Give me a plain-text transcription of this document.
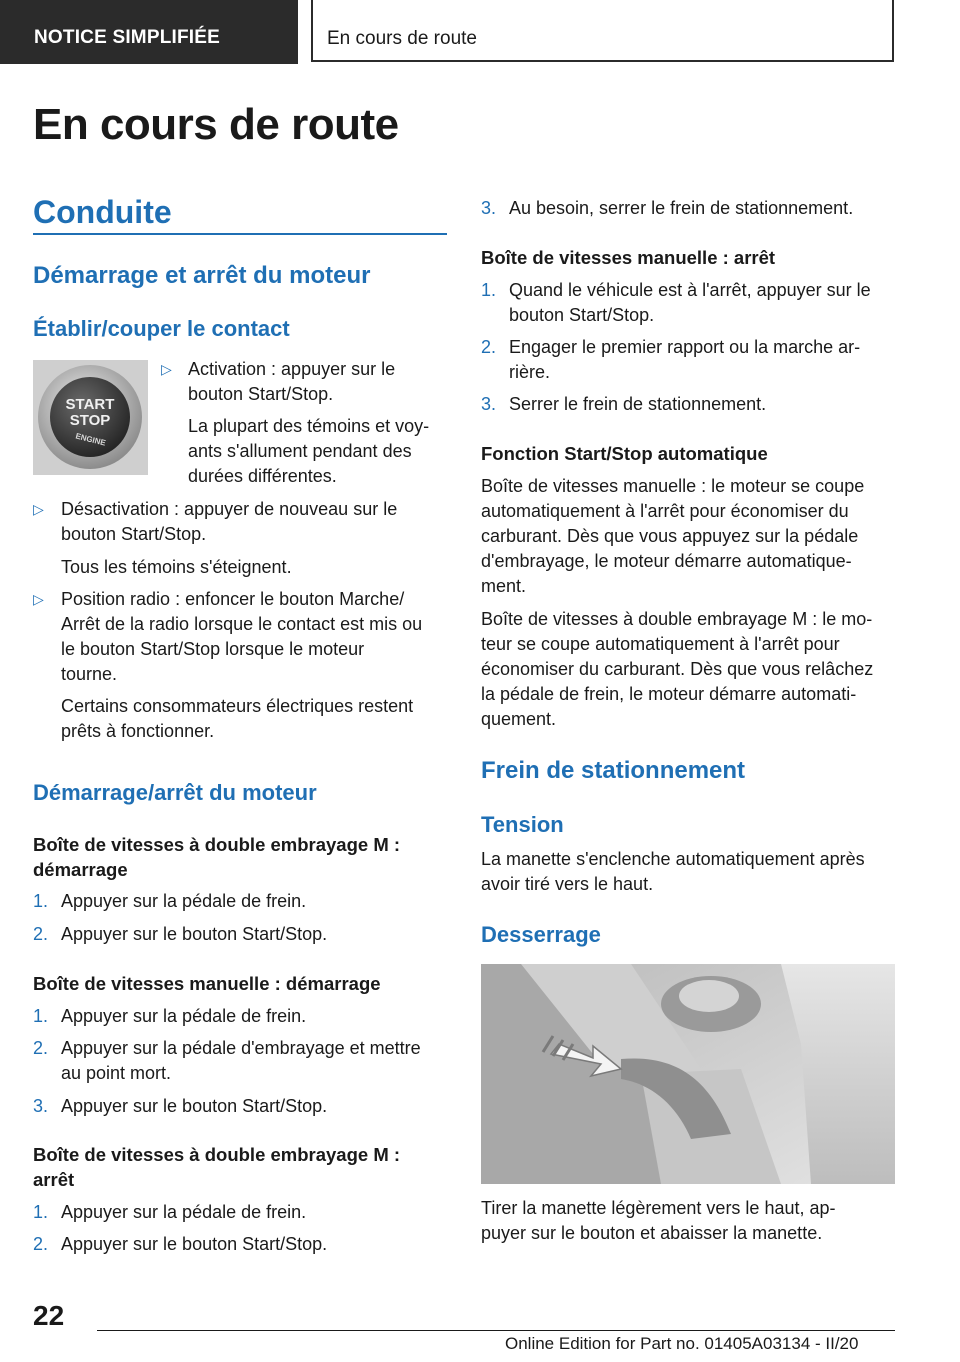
NOTICE SIMPLIFIÉE	En cours de route
En cours de route
Conduite
Démarrage et arrêt du moteur
Établir/couper le contact
START
STOP
ENGINE
▷ Activation : appuyer sur le
bouton Start/Stop.
La plupart des témoins et voy-
ants s'allument pendant des
durées différentes.
▷ Désactivation : appuyer de nouveau sur le
bouton Start/Stop.
Tous les témoins s'éteignent.
▷ Position radio : enfoncer le bouton Marche/
Arrêt de la radio lorsque le contact est mis ou
le bouton Start/Stop lorsque le moteur
tourne.
Certains consommateurs électriques restent
prêts à fonctionner.
Démarrage/arrêt du moteur
Boîte de vitesses à double embrayage M :
démarrage
1. Appuyer sur la pédale de frein.
2. Appuyer sur le bouton Start/Stop.
Boîte de vitesses manuelle : démarrage
1. Appuyer sur la pédale de frein.
2. Appuyer sur la pédale d'embrayage et mettre
au point mort.
3. Appuyer sur le bouton Start/Stop.
Boîte de vitesses à double embrayage M :
arrêt
1. Appuyer sur la pédale de frein.
2. Appuyer sur le bouton Start/Stop.
3. Au besoin, serrer le frein de stationnement.
Boîte de vitesses manuelle : arrêt
1. Quand le véhicule est à l'arrêt, appuyer sur le
bouton Start/Stop.
2. Engager le premier rapport ou la marche ar-
rière.
3. Serrer le frein de stationnement.
Fonction Start/Stop automatique
Boîte de vitesses manuelle : le moteur se coupe
automatiquement à l'arrêt pour économiser du
carburant. Dès que vous appuyez sur la pédale
d'embrayage, le moteur démarre automatique-
ment.
Boîte de vitesses à double embrayage M : le mo-
teur se coupe automatiquement à l'arrêt pour
économiser du carburant. Dès que vous relâchez
la pédale de frein, le moteur démarre automati-
quement.
Frein de stationnement
Tension
La manette s'enclenche automatiquement après
avoir tiré vers le haut.
Desserrage
Tirer la manette légèrement vers le haut, ap-
puyer sur le bouton et abaisser la manette.
22
Online Edition for Part no. 01405A03134 - II/20
